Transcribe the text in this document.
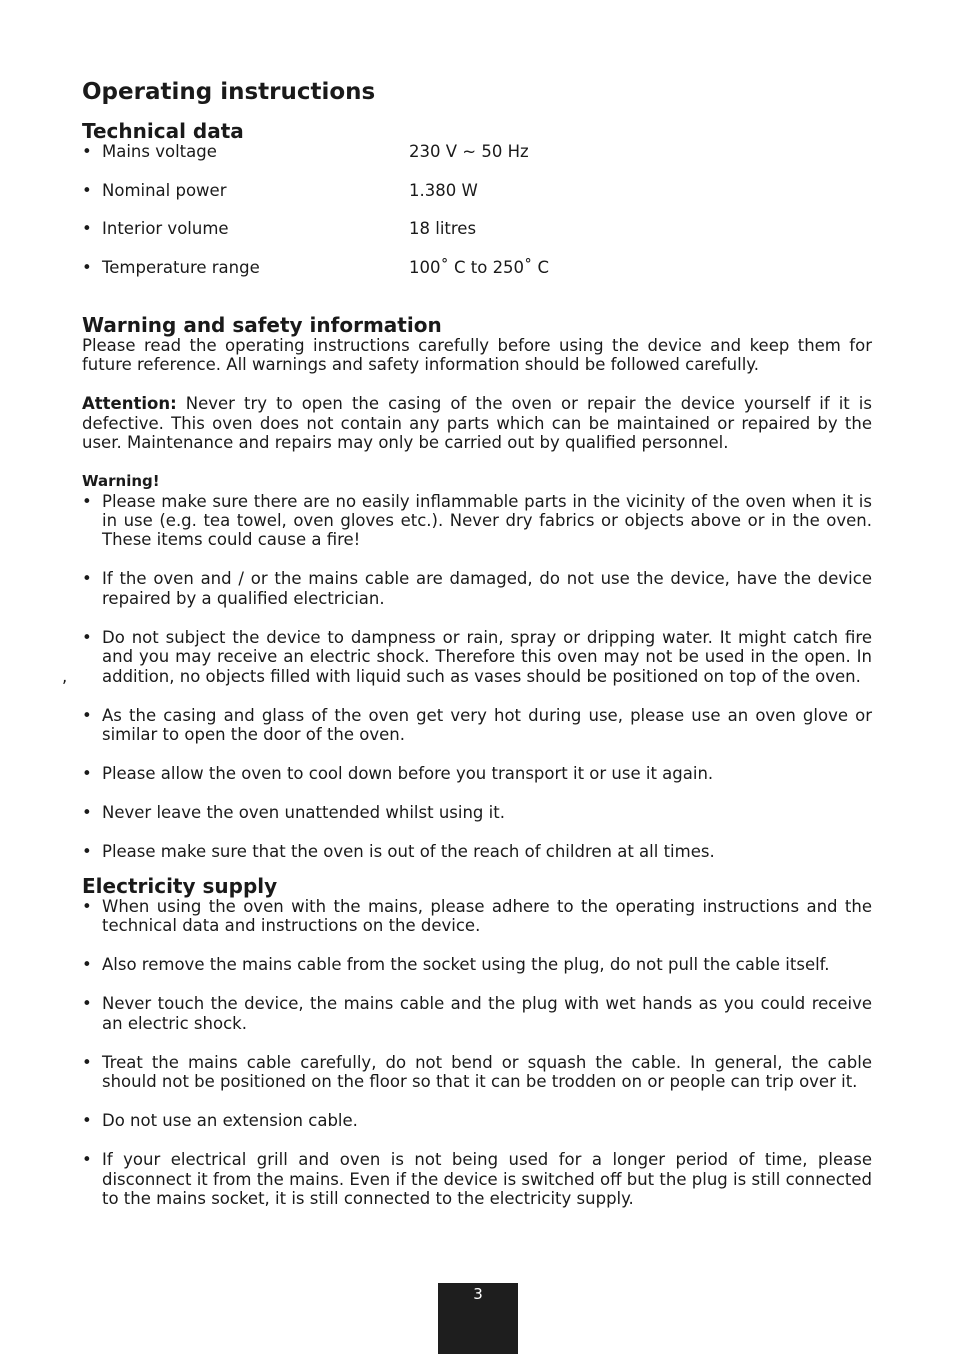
Operating instructions
Technical data
• Mains voltage	230 V ~ 50 Hz
• Nominal power	1.380 W
• Interior volume	18 litres
• Temperature range	100˚ C to 250˚ C
Warning and safety information

Please read the operating instructions carefully before using the device and keep them for future reference. All warnings and safety information should be followed carefully.

Attention: Never try to open the casing of the oven or repair the device yourself if it is defective. This oven does not contain any parts which can be maintained or repaired by the user. Maintenance and repairs may only be carried out by qualified personnel.

Warning!

• Please make sure there are no easily inflammable parts in the vicinity of the oven when it is in use (e.g. tea towel, oven gloves etc.). Never dry fabrics or objects above or in the oven. These items could cause a fire!
• If the oven and / or the mains cable are damaged, do not use the device, have the device repaired by a qualified electrician.
•
,
Do not subject the device to dampness or rain, spray or dripping water. It might catch fire and you may receive an electric shock. Therefore this oven may not be used in the open. In addition, no objects filled with liquid such as vases should be positioned on top of the oven.
• As the casing and glass of the oven get very hot during use, please use an oven glove or similar to open the door of the oven.
• Please allow the oven to cool down before you transport it or use it again.
• Never leave the oven unattended whilst using it.
• Please make sure that the oven is out of the reach of children at all times.
Electricity supply
• When using the oven with the mains, please adhere to the operating instructions and the technical data and instructions on the device.
• Also remove the mains cable from the socket using the plug, do not pull the cable itself.
• Never touch the device, the mains cable and the plug with wet hands as you could receive an electric shock.
• Treat the mains cable carefully, do not bend or squash the cable. In general, the cable should not be positioned on the floor so that it can be trodden on or people can trip over it.
• Do not use an extension cable.
• If your electrical grill and oven is not being used for a longer period of time, please disconnect it from the mains. Even if the device is switched off but the plug is still connected to the mains socket, it is still connected to the electricity supply.
3
